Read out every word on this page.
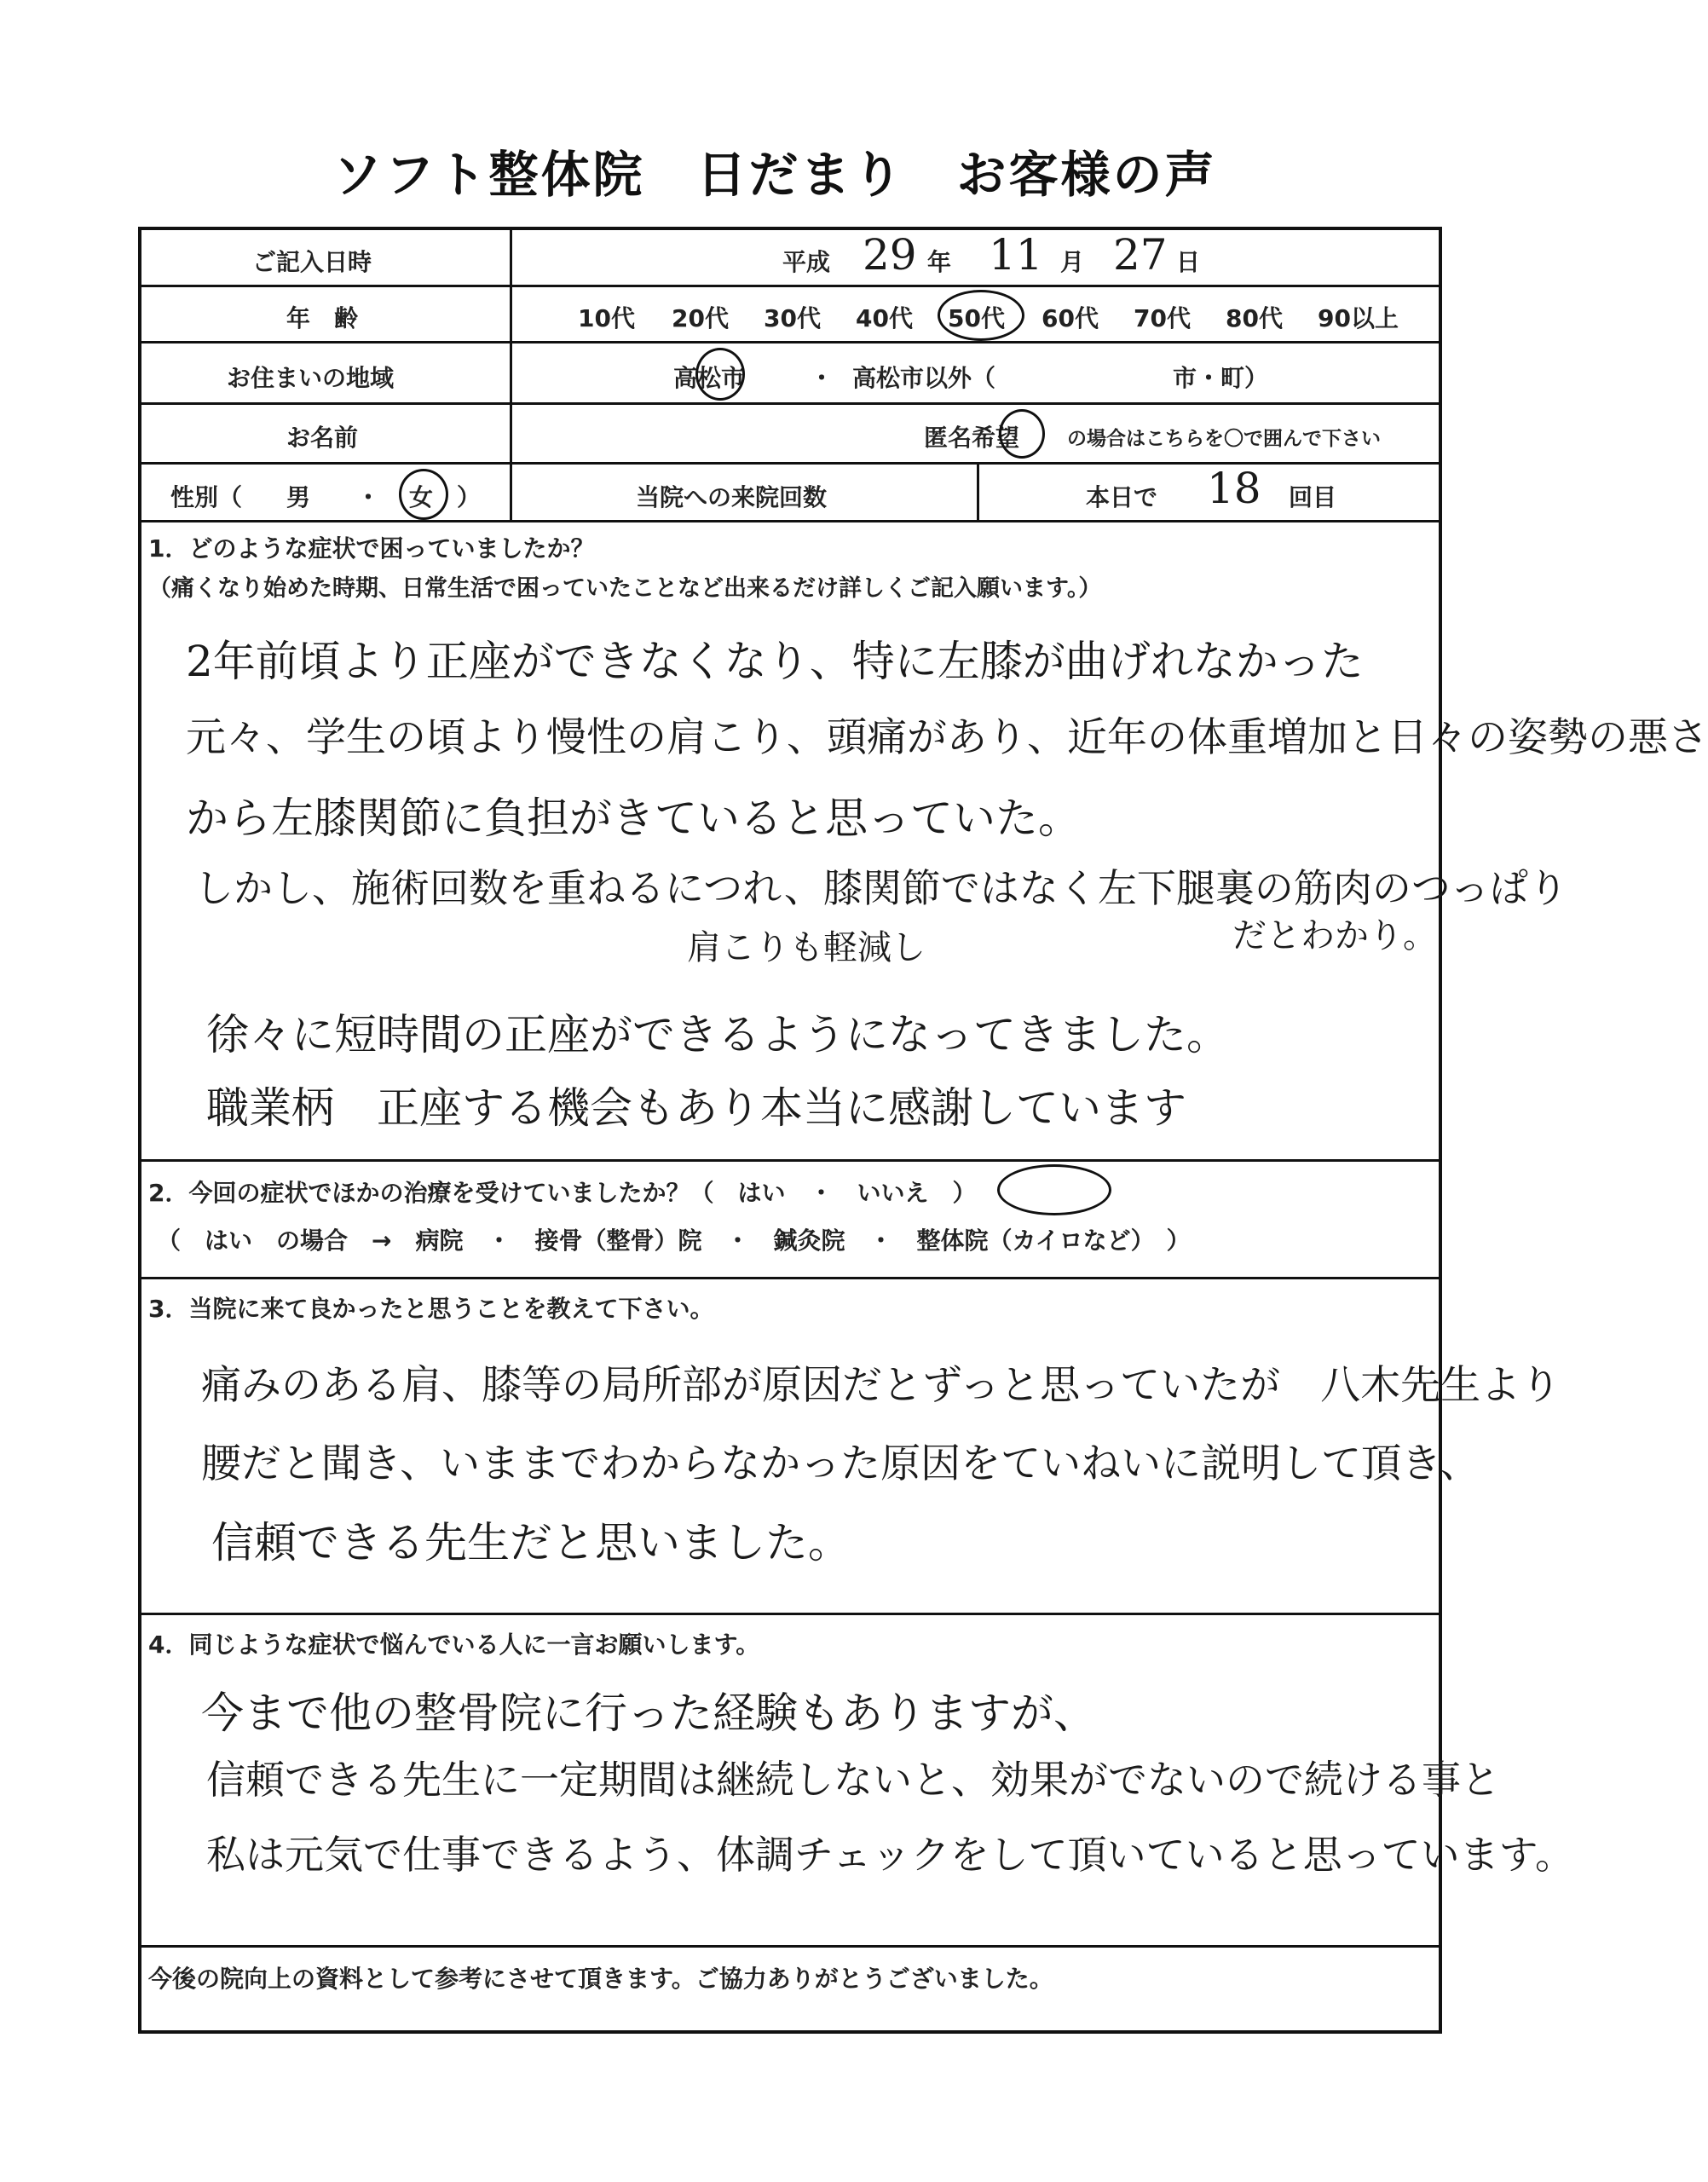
ソフト整体院　日だまり　お客様の声
ご記入日時	平成 29 年 11 月 27 日
年　齢	10代 20代 30代 40代 50代 60代 70代 80代 90以上
お住まいの地域	高松市	・ 高松市以外（	市・町）
お名前	匿名希望 の場合はこちらを〇で囲んで下さい
性別（ 男 ・ 女 ）	当院への来院回数	本日で 18 回目
1．どのような症状で困っていましたか？
（痛くなり始めた時期、日常生活で困っていたことなど出来るだけ詳しくご記入願います。）
2年前頃より正座ができなくなり、特に左膝が曲げれなかった
元々、学生の頃より慢性の肩こり、頭痛があり、近年の体重増加と日々の姿勢の悪さ
から左膝関節に負担がきていると思っていた。
しかし、施術回数を重ねるにつれ、膝関節ではなく左下腿裏の筋肉のつっぱり
肩こりも軽減し	だとわかり。
徐々に短時間の正座ができるようになってきました。
職業柄　正座する機会もあり本当に感謝しています
2．今回の症状でほかの治療を受けていましたか？（　はい　・　いいえ　）
（　はい　の場合　→　病院　・　接骨（整骨）院　・　鍼灸院　・　整体院（カイロなど）　）
3．当院に来て良かったと思うことを教えて下さい。
痛みのある肩、膝等の局所部が原因だとずっと思っていたが　八木先生より
腰だと聞き、いままでわからなかった原因をていねいに説明して頂き、
信頼できる先生だと思いました。
4．同じような症状で悩んでいる人に一言お願いします。
今まで他の整骨院に行った経験もありますが、
信頼できる先生に一定期間は継続しないと、効果がでないので続ける事と
私は元気で仕事できるよう、体調チェックをして頂いていると思っています。
今後の院向上の資料として参考にさせて頂きます。ご協力ありがとうございました。
